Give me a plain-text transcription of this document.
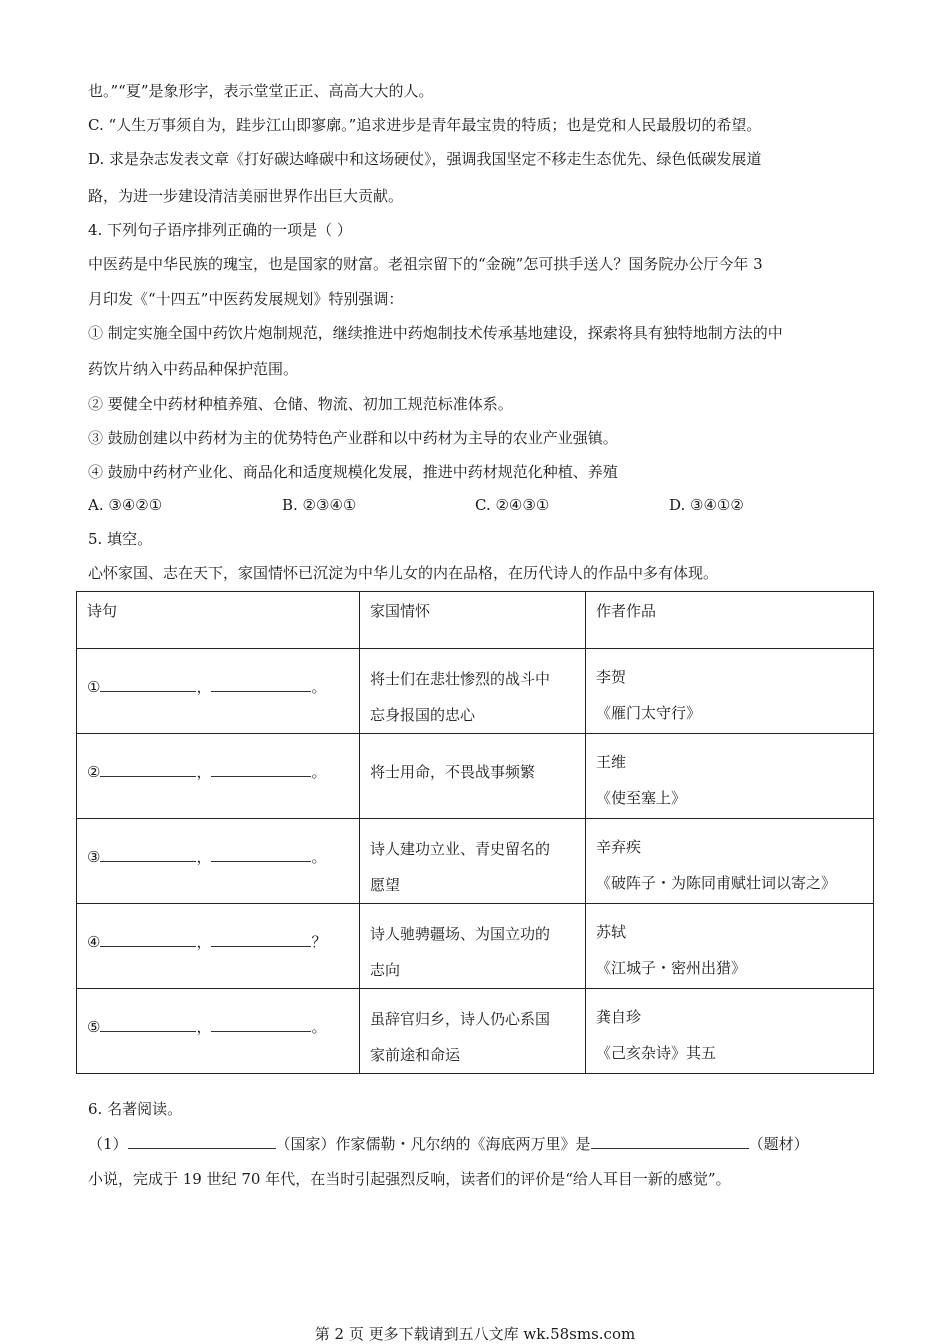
也。”“夏”是象形字，表示堂堂正正、高高大大的人。
C. “人生万事须自为，跬步江山即寥廓。”追求进步是青年最宝贵的特质；也是党和人民最殷切的希望。
D. 求是杂志发表文章《打好碳达峰碳中和这场硬仗》，强调我国坚定不移走生态优先、绿色低碳发展道
路，为进一步建设清洁美丽世界作出巨大贡献。
4. 下列句子语序排列正确的一项是（ ）
中医药是中华民族的瑰宝，也是国家的财富。老祖宗留下的“金碗”怎可拱手送人？国务院办公厅今年 3
月印发《“十四五”中医药发展规划》特别强调：
① 制定实施全国中药饮片炮制规范，继续推进中药炮制技术传承基地建设，探索将具有独特地制方法的中
药饮片纳入中药品种保护范围。
② 要健全中药材种植养殖、仓储、物流、初加工规范标准体系。
③ 鼓励创建以中药材为主的优势特色产业群和以中药材为主导的农业产业强镇。
④ 鼓励中药材产业化、商品化和适度规模化发展，推进中药材规范化种植、养殖
A. ③④②①	B. ②③④①	C. ②④③①	D. ③④①②
5. 填空。
心怀家国、志在天下，家国情怀已沉淀为中华儿女的内在品格，在历代诗人的作品中多有体现。
诗句	家国情怀	作者作品

① ， 。	将士们在悲壮惨烈的战斗中
忘身报国的忠心	李贺
《雁门太守行》

② ， 。	将士用命，不畏战事频繁	王维
《使至塞上》

③ ， 。	诗人建功立业、青史留名的
愿望	辛弃疾
《破阵子・为陈同甫赋壮词以寄之》

④ ， ？	诗人驰骋疆场、为国立功的
志向	苏轼
《江城子・密州出猎》

⑤ ， 。	虽辞官归乡，诗人仍心系国
家前途和命运	龚自珍
《己亥杂诗》其五
6. 名著阅读。
（1）	（国家）作家儒勒・凡尔纳的《海底两万里》是	（题材）
小说，完成于 19 世纪 70 年代，在当时引起强烈反响，读者们的评价是“给人耳目一新的感觉”。
第 2 页 更多下载请到五八文库 wk.58sms.com
